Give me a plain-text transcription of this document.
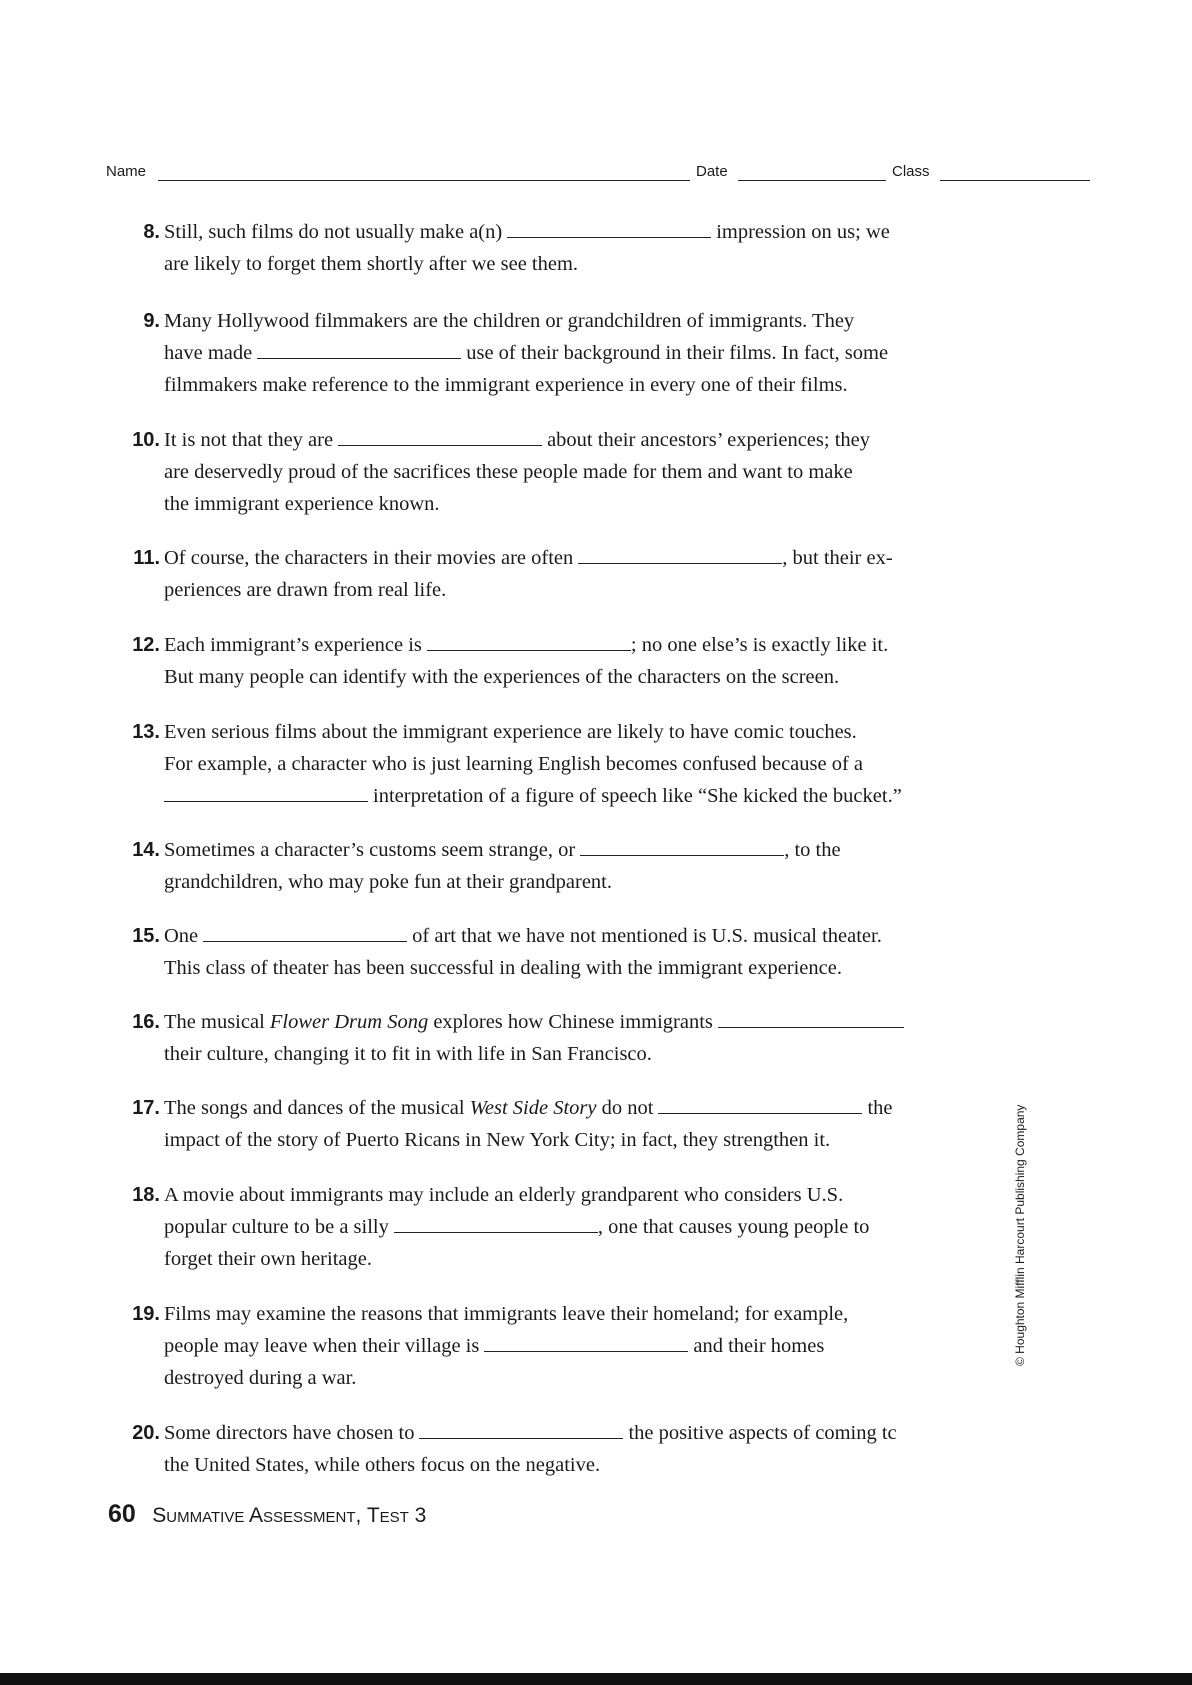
Name	Date	Class
8. Still, such films do not usually make a(n)	impression on us; we
are likely to forget them shortly after we see them.
9. Many Hollywood filmmakers are the children or grandchildren of immigrants. They
have made	use of their background in their films. In fact, some
filmmakers make reference to the immigrant experience in every one of their films.
10. It is not that they are	about their ancestors’ experiences; they
are deservedly proud of the sacrifices these people made for them and want to make
the immigrant experience known.
11. Of course, the characters in their movies are often	, but their ex-
periences are drawn from real life.
12. Each immigrant’s experience is	; no one else’s is exactly like it.
But many people can identify with the experiences of the characters on the screen.
13. Even serious films about the immigrant experience are likely to have comic touches.
For example, a character who is just learning English becomes confused because of a
interpretation of a figure of speech like “She kicked the bucket.”
14. Sometimes a character’s customs seem strange, or	, to the
grandchildren, who may poke fun at their grandparent.
15. One	of art that we have not mentioned is U.S. musical theater.
This class of theater has been successful in dealing with the immigrant experience.
16. The musical Flower Drum Song explores how Chinese immigrants
their culture, changing it to fit in with life in San Francisco.
17. The songs and dances of the musical West Side Story do not	the
impact of the story of Puerto Ricans in New York City; in fact, they strengthen it.
18. A movie about immigrants may include an elderly grandparent who considers U.S.
popular culture to be a silly	, one that causes young people to
forget their own heritage.
19. Films may examine the reasons that immigrants leave their homeland; for example,
people may leave when their village is	and their homes
destroyed during a war.
20. Some directors have chosen to	the positive aspects of coming tc
the United States, while others focus on the negative.
60 Summative Assessment, Test 3
© Houghton Mifflin Harcourt Publishing Company
